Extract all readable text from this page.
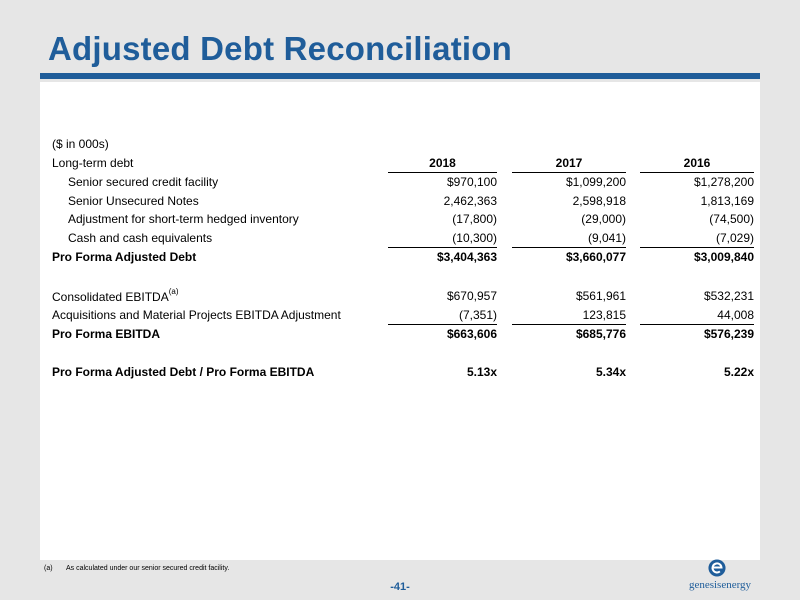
Adjusted Debt Reconciliation
($ in 000s)
Long-term debt	2018	2017	2016
Senior secured credit facility	$970,100	$1,099,200	$1,278,200
Senior Unsecured Notes	2,462,363	2,598,918	1,813,169
Adjustment for short-term hedged inventory	(17,800)	(29,000)	(74,500)
Cash and cash equivalents	(10,300)	(9,041)	(7,029)
Pro Forma Adjusted Debt	$3,404,363	$3,660,077	$3,009,840
Consolidated EBITDA$^{(a)}$	$670,957	$561,961	$532,231
Acquisitions and Material Projects EBITDA Adjustment	(7,351)	123,815	44,008
Pro Forma EBITDA	$663,606	$685,776	$576,239
Pro Forma Adjusted Debt / Pro Forma EBITDA	5.13x	5.34x	5.22x
(a) As calculated under our senior secured credit facility.
-41-	genesisenergy
